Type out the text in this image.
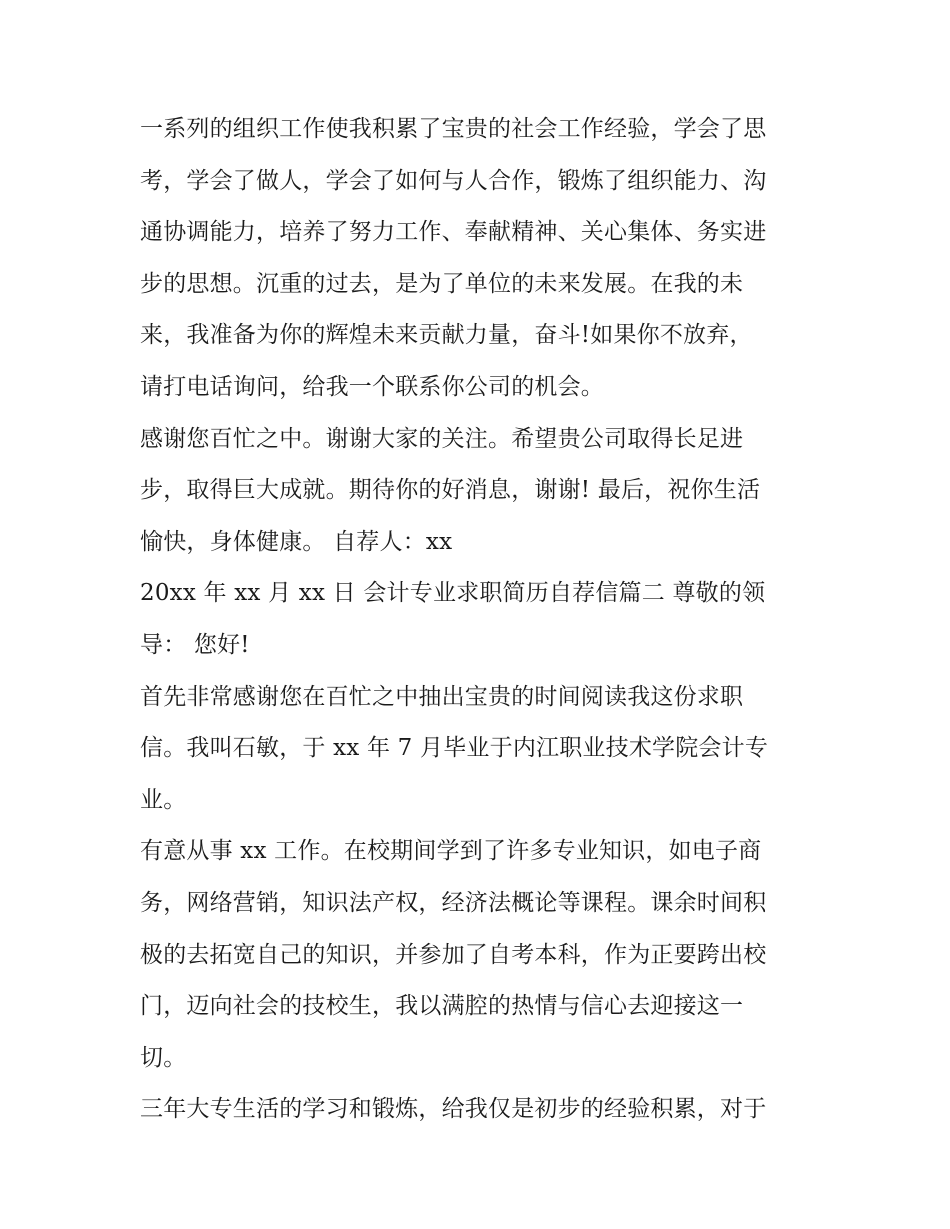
一系列的组织工作使我积累了宝贵的社会工作经验，学会了思
考，学会了做人，学会了如何与人合作，锻炼了组织能力、沟
通协调能力，培养了努力工作、奉献精神、关心集体、务实进
步的思想。沉重的过去，是为了单位的未来发展。在我的未
来，我准备为你的辉煌未来贡献力量，奋斗!如果你不放弃，
请打电话询问，给我一个联系你公司的机会。
感谢您百忙之中。谢谢大家的关注。希望贵公司取得长足进
步，取得巨大成就。期待你的好消息，谢谢! 最后，祝你生活
愉快，身体健康。 自荐人：xx
20xx 年 xx 月 xx 日 会计专业求职简历自荐信篇二 尊敬的领
导： 您好!
首先非常感谢您在百忙之中抽出宝贵的时间阅读我这份求职
信。我叫石敏，于 xx 年 7 月毕业于内江职业技术学院会计专
业。
有意从事 xx 工作。在校期间学到了许多专业知识，如电子商
务，网络营销，知识法产权，经济法概论等课程。课余时间积
极的去拓宽自己的知识，并参加了自考本科，作为正要跨出校
门，迈向社会的技校生，我以满腔的热情与信心去迎接这一
切。
三年大专生活的学习和锻炼，给我仅是初步的经验积累，对于
